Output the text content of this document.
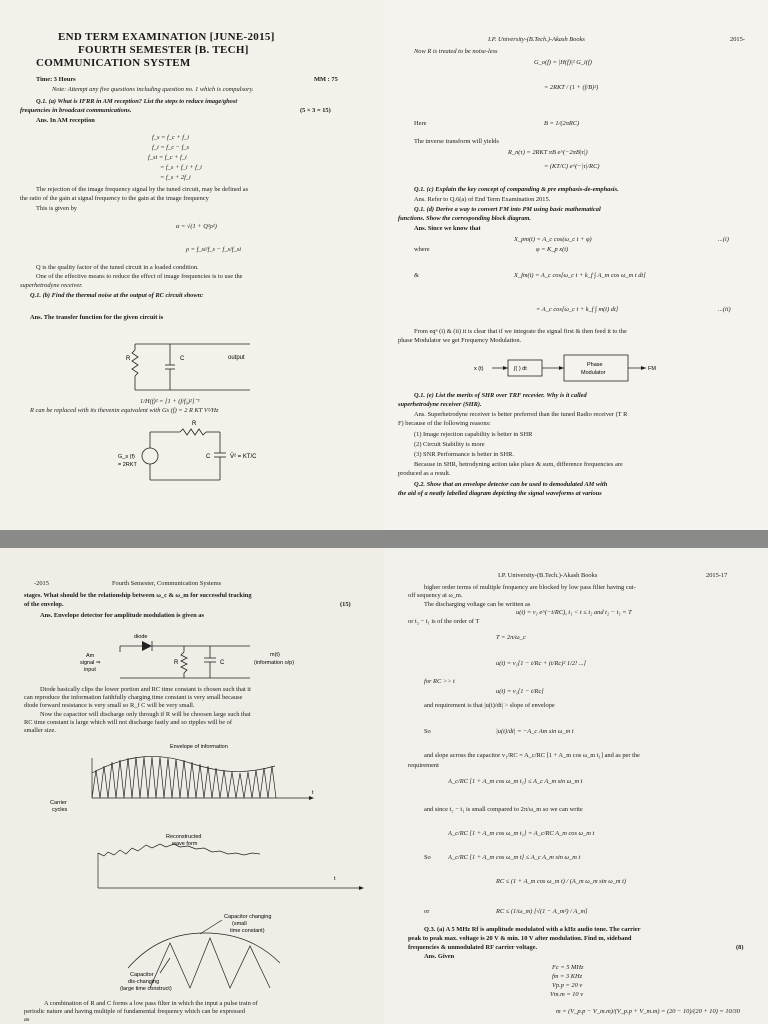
END TERM EXAMINATION [JUNE-2015]
FOURTH SEMESTER [B. TECH]
COMMUNICATION SYSTEM
Time: 3 Hours	MM : 75
Note: Attempt any five questions including question no. 1 which is compulsory.
Q.1. (a) What is IFRR in AM reception? List the steps to reduce image/ghost
frequencies in broadcast communications.	(5 × 3 = 15)
Ans. In AM reception
f_s = f_c + f_i
f_i = f_c − f_s
f_si = f_c + f_i
= f_s + f_i + f_i
= f_s + 2f_i
The rejection of the image frequency signal by the tuned circuit, may be defined as
the ratio of the gain at signal frequency to the gain at the image frequency
This is given by
α = √(1 + Q²ρ²)
ρ = f_si/f_s − f_s/f_si
Q is the quality factor of the tuned circuit in a loaded condition.
One of the effective means to reduce the effect of image frequencies is to use the
superhetrodyne receiver.
Q.1. (b) Find the thermal noise at the output of RC circuit shown:
Ans. The transfer function for the given circuit is
R	C	output
R
G_s (f)
= 2RKT
C	V̄² = KT/C
1/H(f)² = [1 + (f/f₀)²]⁻¹
R can be replaced with its thevenin equivalent with Gs (f) = 2 R KT V²/Hz
I.P. University-(B.Tech.)-Akash Books	2015-
Now R is treated to be noise-less
G_o(f) = |H(f)|² G_i(f)
= 2RKT / (1 + (f/B)²)
Here	B = 1/(2πRC)
The inverse transform will yields
R_n(τ) = 2RKT πB e^(−2πB|τ|)
= (KT/C) e^(−|τ|/RC)
Q.1. (c) Explain the key concept of companding & pre emphasis-de-emphasis.
Ans. Refer to Q.6(a) of End Term Examination 2015.
Q.1. (d) Derive a way to convert FM into PM using basic mathematical
functions. Show the corresponding block diagram.
Ans. Since we know that
X_pm(t) = A_c cos(ω_c t + φ)	...(i)
where	φ = K_p x(t)
&	X_fm(t) = A_c cos[ω_c t + k_f ∫ A_m cos ω_m t dt]
= A_c cos[ω_c t + k_f ∫ m(t) dt]	...(ii)
From eqⁿ (i) & (ii) it is clear that if we integrate the signal first & then feed it to the
phase Modulator we get Frequency Modulation.
x (t)	∫( ) dt
Phase
Modulator
FM
Q.1. (e) List the merits of SHR over TRF recevier. Why is it called
superhetrodyne receiver (SHR).
Ans. Superhetrodyne receiver is better preferred than the tuned Radio receiver (T R
F) because of the following reasons:
(1) Image rejection capability is better in SHR
(2) Circuit Stability is more
(3) SNR Performance is better in SHR.
Because in SHR, hetrodyning action take place & sum, difference frequencies are
produced as a result.
Q.2. Show that an envelope detector can be used to demodulated AM with
the aid of a neatly labelled diagram depicting the signal waveforms at various
-2015	Fourth Semester, Communication Systems
stages. What should be the relationship between ω_c & ω_m for successful tracking
of the envelop.	(15)
Ans. Envelope detector for amplitude modulation is given as
diode
Am
signal ⇒
input
R	C
m(t)
(information o/p)
Envelope of information
Carrier
cycles
t
Reconstructed
wave form
t
Capacitor changing
(small
time constant)
Capacitor
dis-changing
(large time construct)
Diode basically clips the lower portion and RC time constant is chosen such that it
can reproduce the information faithfully charging time constant is very small because
diode forward resistance is very small so R_f C will be very small.
Now the capacitor will discharge only through if R will be choosen large such that
RC time constant is large which will not discharge fastly and so ripples will be of
smaller size.
A combination of R and C forms a low pass filter in which the input a pulse train of
periodic nature and having multiple of fundamental frequency which can be expressed
as
I.P. University-(B.Tech.)-Akash Books	2015-17
higher order terms of multiple frequency are blocked by low pass filter having cut-
off sequency at ω_m.
The discharging voltage can be written as
u(t) = v₁ e^(−t/RC), t₁ < t ≤ t₂ and t₂ − t₁ = T
or t₂ − t₁ is of the order of T
T = 2π/ω_c
u(t) = v₁[1 − t/Rc + (t/Rc)² 1/2! ...]
for RC >> t
u(t) = v₁[1 − t/Rc]
and requirement is that |u(t)/dt| > slope of envelope
So	|u(t)/dt| = −A_c Am sin ω_m t
and slope across the capacitor v₁/RC = A_c/RC [1 + A_m cos ω_m t₁] and as per the
requirement
A_c/RC [1 + A_m cos ω_m t₁] ≤ A_c A_m sin ω_m t
and since t₂ − t₁ is small compared to 2π/ω_m so we can write
A_c/RC [1 + A_m cos ω_m t₁] = A_c/RC A_m cos ω_m t
So	A_c/RC [1 + A_m cos ω_m t] ≤ A_c A_m sin ω_m t
RC ≤ (1 + A_m cos ω_m t) / (A_m ω_m sin ω_m t)
or	RC ≤ (1/ω_m) [√(1 − A_m²) / A_m]
Q.3. (a) A 5 MHz Rf is amplitude modulated with a kHz audio tone. The carrier
peak to peak max. voltage is 20 V & min. 10 V after modulation. Find m, sideband
frequencies & unmodulated RF carrier voltage.	(8)
Ans. Given
Fc = 5 MHz
fm = 3 KHz
Vp.p = 20 v
Vm.m = 10 v
m = (V_p.p − V_m.m)/(V_p.p + V_m.m) = (20 − 10)/(20 + 10) = 10/30
